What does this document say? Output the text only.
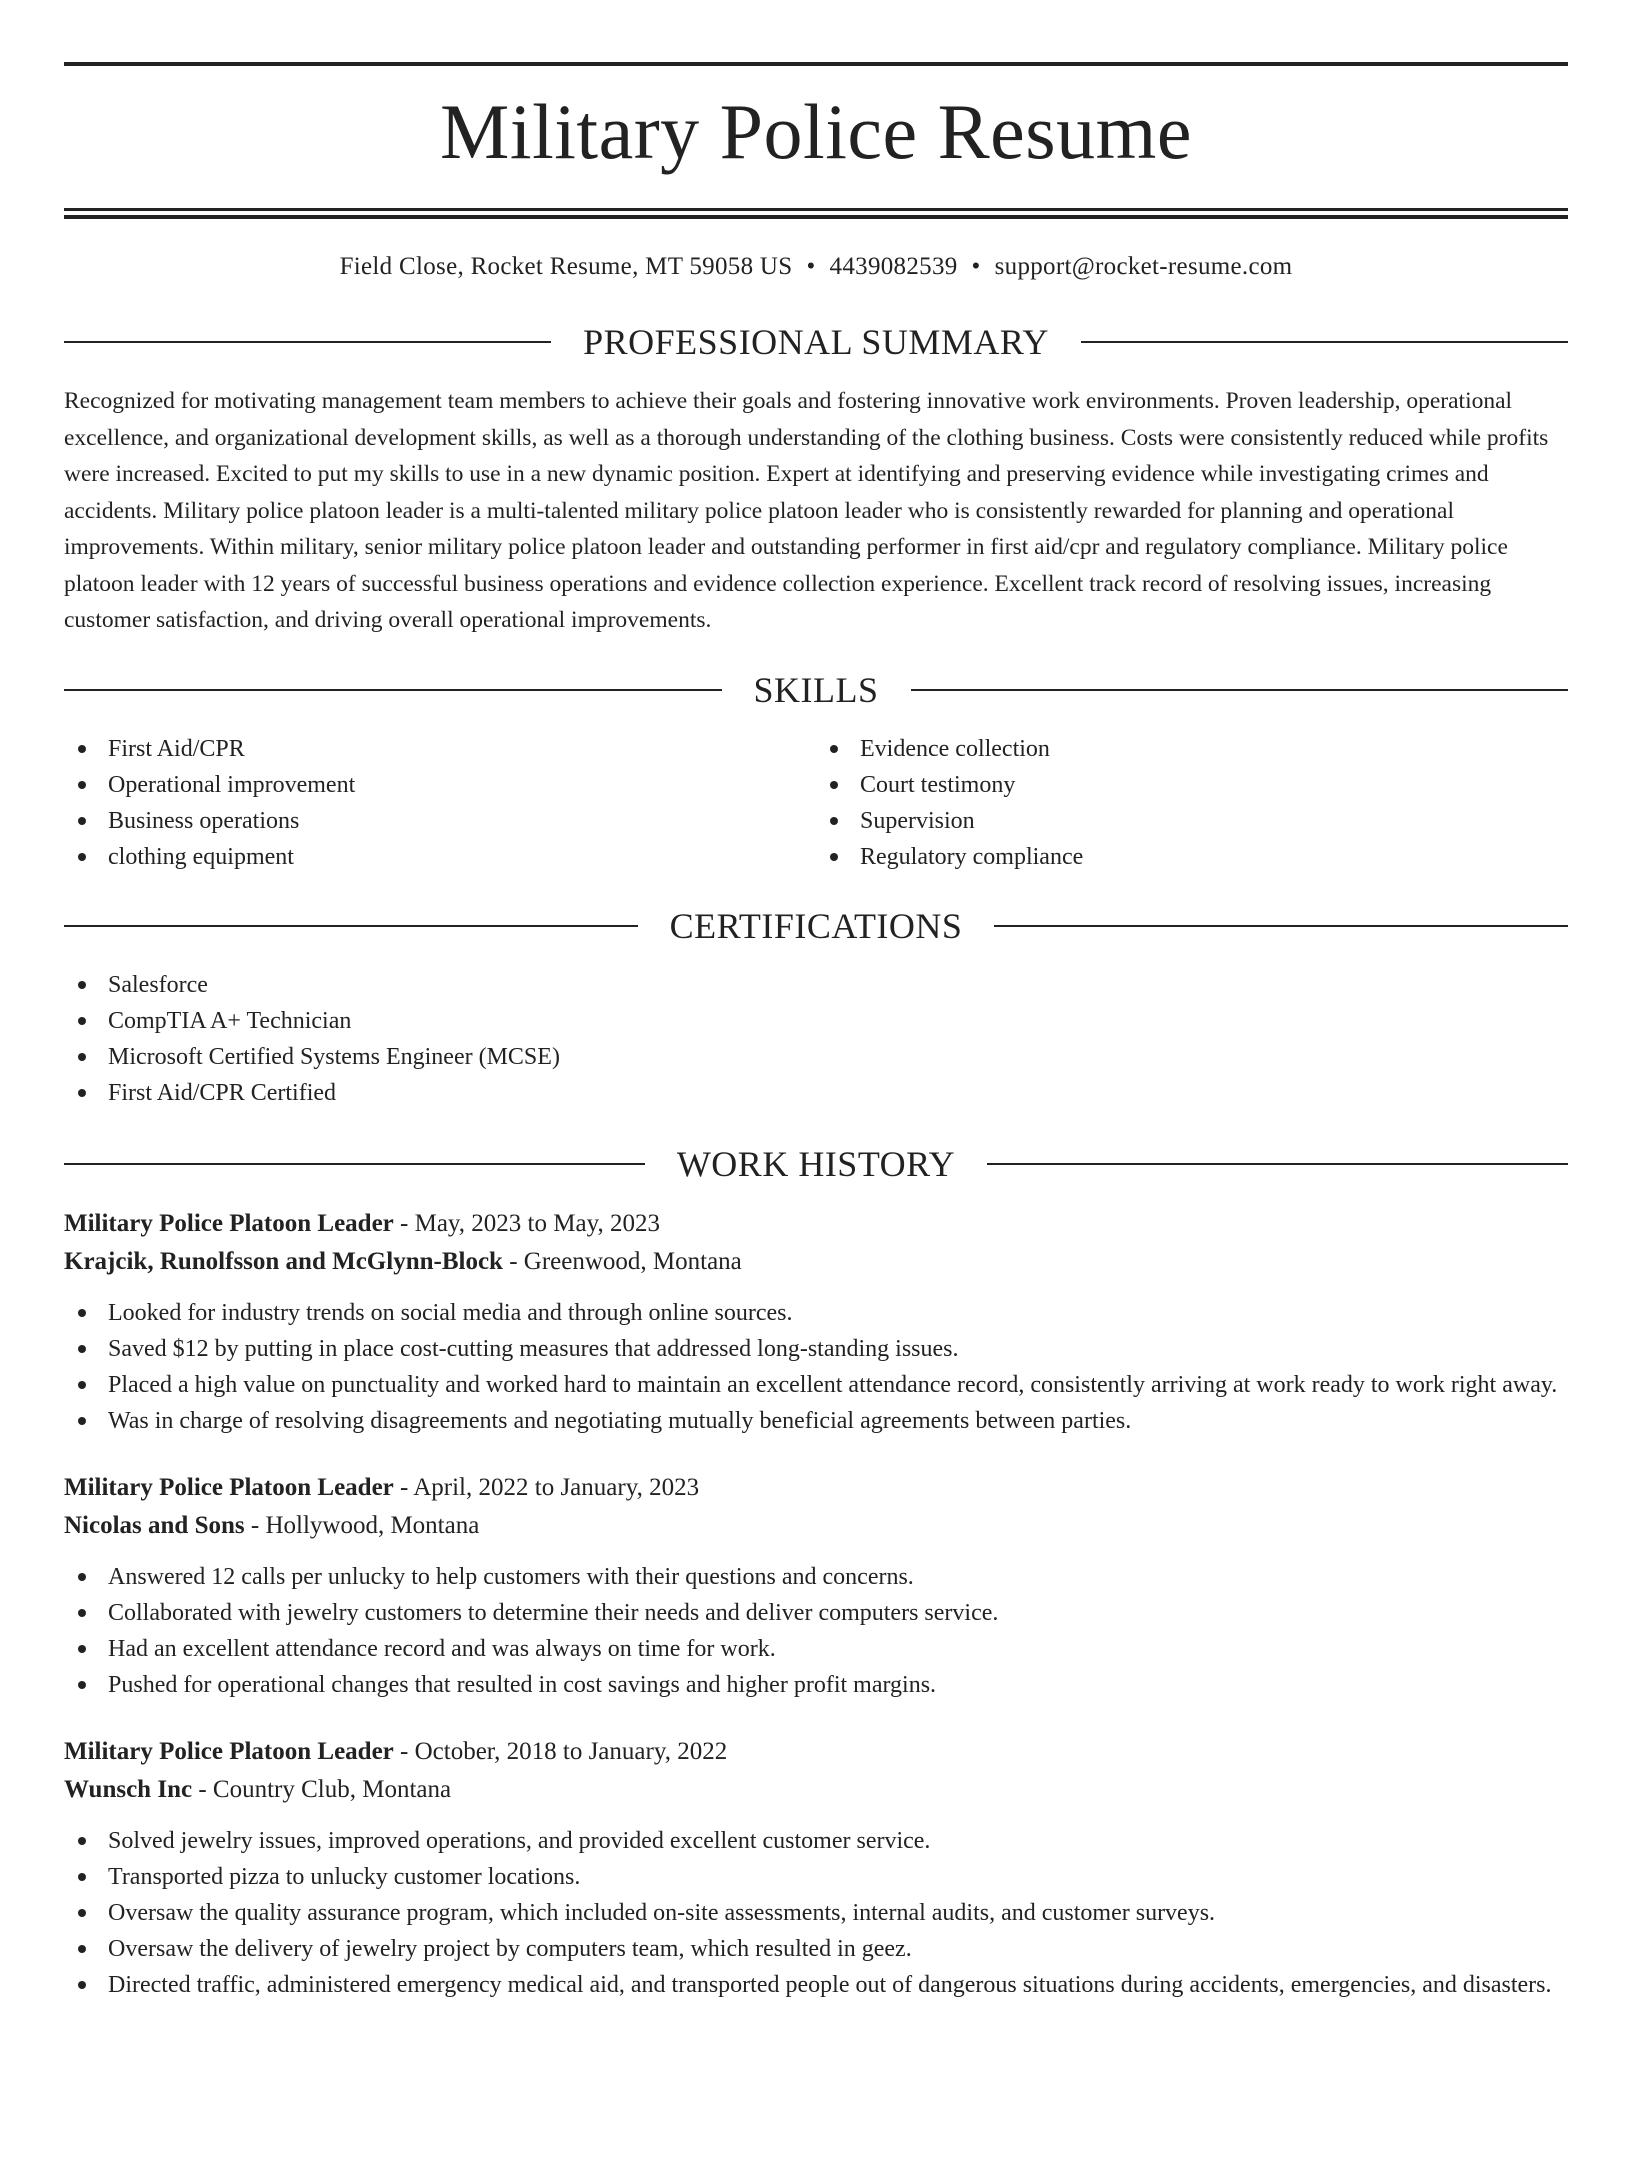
Military Police Resume
Field Close, Rocket Resume, MT 59058 US • 4439082539 • support@rocket-resume.com
PROFESSIONAL SUMMARY

Recognized for motivating management team members to achieve their goals and fostering innovative work environments. Proven leadership, operational excellence, and organizational development skills, as well as a thorough understanding of the clothing business. Costs were consistently reduced while profits were increased. Excited to put my skills to use in a new dynamic position. Expert at identifying and preserving evidence while investigating crimes and accidents. Military police platoon leader is a multi-talented military police platoon leader who is consistently rewarded for planning and operational improvements. Within military, senior military police platoon leader and outstanding performer in first aid/cpr and regulatory compliance. Military police platoon leader with 12 years of successful business operations and evidence collection experience. Excellent track record of resolving issues, increasing customer satisfaction, and driving overall operational improvements.

SKILLS
First Aid/CPR
Operational improvement
Business operations
clothing equipment
Evidence collection
Court testimony
Supervision
Regulatory compliance
CERTIFICATIONS
Salesforce
CompTIA A+ Technician
Microsoft Certified Systems Engineer (MCSE)
First Aid/CPR Certified
WORK HISTORY
Military Police Platoon Leader - May, 2023 to May, 2023
Krajcik, Runolfsson and McGlynn-Block - Greenwood, Montana
Looked for industry trends on social media and through online sources.
Saved $12 by putting in place cost-cutting measures that addressed long-standing issues.
Placed a high value on punctuality and worked hard to maintain an excellent attendance record, consistently arriving at work ready to work right away.
Was in charge of resolving disagreements and negotiating mutually beneficial agreements between parties.
Military Police Platoon Leader - April, 2022 to January, 2023
Nicolas and Sons - Hollywood, Montana
Answered 12 calls per unlucky to help customers with their questions and concerns.
Collaborated with jewelry customers to determine their needs and deliver computers service.
Had an excellent attendance record and was always on time for work.
Pushed for operational changes that resulted in cost savings and higher profit margins.
Military Police Platoon Leader - October, 2018 to January, 2022
Wunsch Inc - Country Club, Montana
Solved jewelry issues, improved operations, and provided excellent customer service.
Transported pizza to unlucky customer locations.
Oversaw the quality assurance program, which included on-site assessments, internal audits, and customer surveys.
Oversaw the delivery of jewelry project by computers team, which resulted in geez.
Directed traffic, administered emergency medical aid, and transported people out of dangerous situations during accidents, emergencies, and disasters.
